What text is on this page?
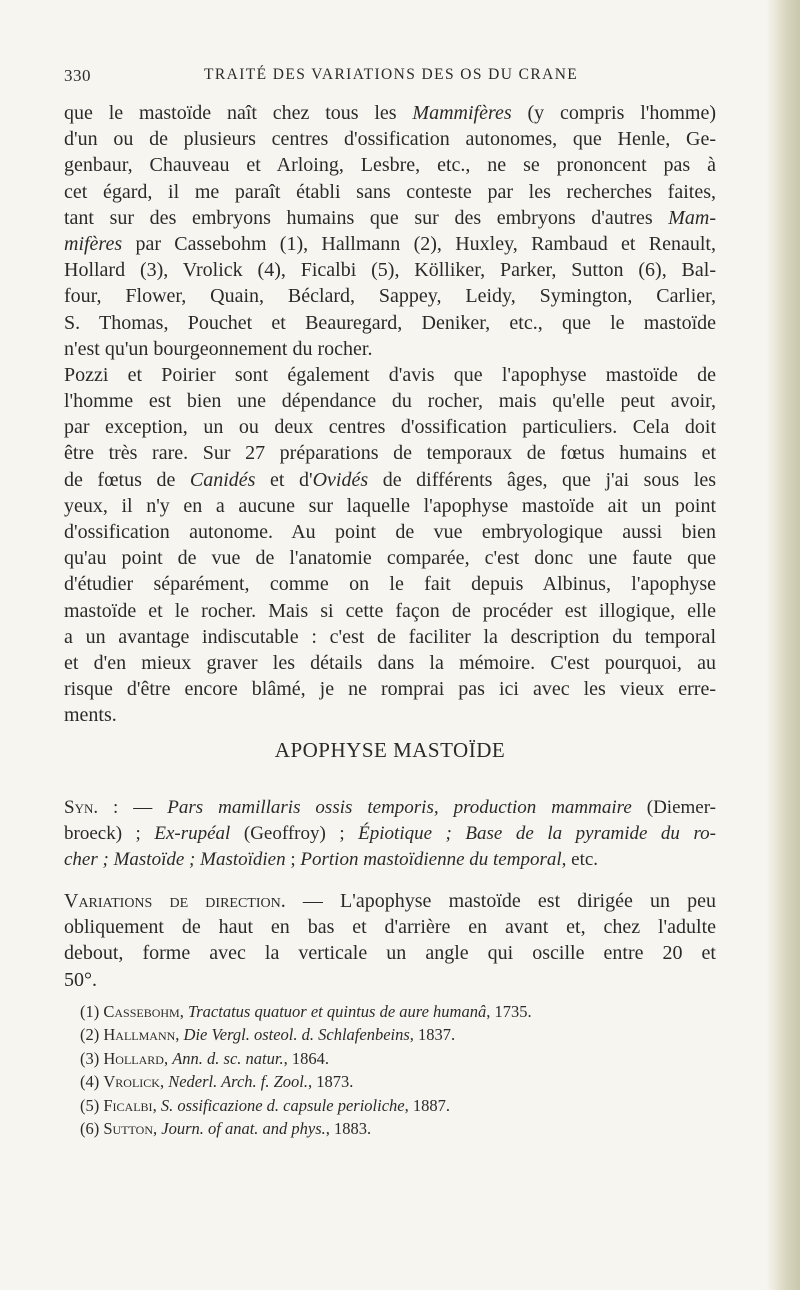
330	TRAITÉ DES VARIATIONS DES OS DU CRANE
que le mastoïde naît chez tous les Mammifères (y compris l'homme)
d'un ou de plusieurs centres d'ossification autonomes, que Henle, Ge-
genbaur, Chauveau et Arloing, Lesbre, etc., ne se prononcent pas à
cet égard, il me paraît établi sans conteste par les recherches faites,
tant sur des embryons humains que sur des embryons d'autres Mam-
mifères par Cassebohm (1), Hallmann (2), Huxley, Rambaud et Renault,
Hollard (3), Vrolick (4), Ficalbi (5), Kölliker, Parker, Sutton (6), Bal-
four, Flower, Quain, Béclard, Sappey, Leidy, Symington, Carlier,
S. Thomas, Pouchet et Beauregard, Deniker, etc., que le mastoïde
n'est qu'un bourgeonnement du rocher.
Pozzi et Poirier sont également d'avis que l'apophyse mastoïde de
l'homme est bien une dépendance du rocher, mais qu'elle peut avoir,
par exception, un ou deux centres d'ossification particuliers. Cela doit
être très rare. Sur 27 préparations de temporaux de fœtus humains et
de fœtus de Canidés et d'Ovidés de différents âges, que j'ai sous les
yeux, il n'y en a aucune sur laquelle l'apophyse mastoïde ait un point
d'ossification autonome. Au point de vue embryologique aussi bien
qu'au point de vue de l'anatomie comparée, c'est donc une faute que
d'étudier séparément, comme on le fait depuis Albinus, l'apophyse
mastoïde et le rocher. Mais si cette façon de procéder est illogique, elle
a un avantage indiscutable : c'est de faciliter la description du temporal
et d'en mieux graver les détails dans la mémoire. C'est pourquoi, au
risque d'être encore blâmé, je ne romprai pas ici avec les vieux erre-
ments.
APOPHYSE MASTOÏDE
Syn. : — Pars mamillaris ossis temporis, production mammaire (Diemer-
broeck) ; Ex-rupéal (Geoffroy) ; Épiotique ; Base de la pyramide du ro-
cher ; Mastoïde ; Mastoïdien ; Portion mastoïdienne du temporal, etc.
Variations de direction. — L'apophyse mastoïde est dirigée un peu
obliquement de haut en bas et d'arrière en avant et, chez l'adulte
debout, forme avec la verticale un angle qui oscille entre 20 et
50°.
(1) Cassebohm, Tractatus quatuor et quintus de aure humanâ, 1735.
(2) Hallmann, Die Vergl. osteol. d. Schlafenbeins, 1837.
(3) Hollard, Ann. d. sc. natur., 1864.
(4) Vrolick, Nederl. Arch. f. Zool., 1873.
(5) Ficalbi, S. ossificazione d. capsule perioliche, 1887.
(6) Sutton, Journ. of anat. and phys., 1883.
